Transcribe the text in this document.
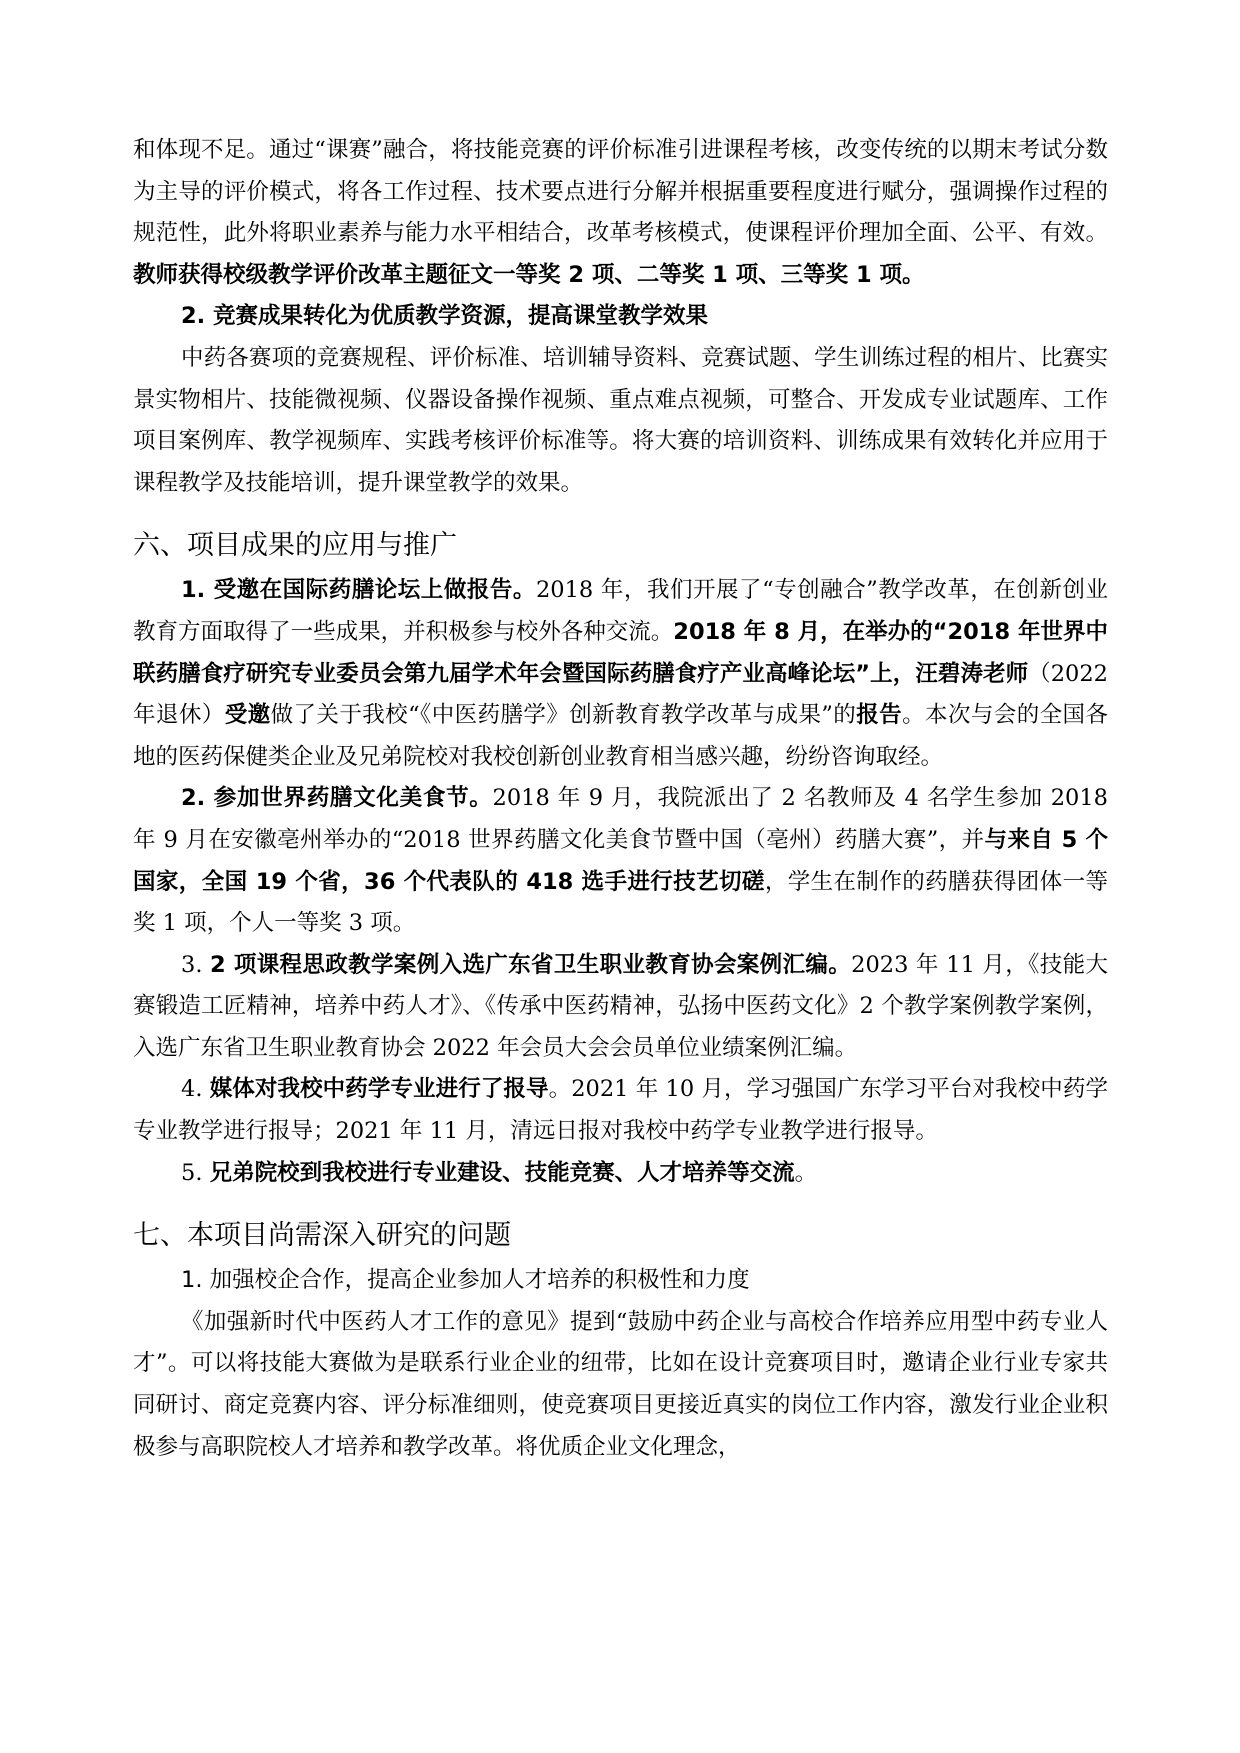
和体现不足。通过“课赛”融合，将技能竞赛的评价标准引进课程考核，改变传统的以期末考试分数为主导的评价模式，将各工作过程、技术要点进行分解并根据重要程度进行赋分，强调操作过程的规范性，此外将职业素养与能力水平相结合，改革考核模式，使课程评价理加全面、公平、有效。教师获得校级教学评价改革主题征文一等奖 2 项、二等奖 1 项、三等奖 1 项。

2. 竞赛成果转化为优质教学资源，提高课堂教学效果

中药各赛项的竞赛规程、评价标准、培训辅导资料、竞赛试题、学生训练过程的相片、比赛实景实物相片、技能微视频、仪器设备操作视频、重点难点视频，可整合、开发成专业试题库、工作项目案例库、教学视频库、实践考核评价标准等。将大赛的培训资料、训练成果有效转化并应用于课程教学及技能培训，提升课堂教学的效果。

六、项目成果的应用与推广

1. 受邀在国际药膳论坛上做报告。2018 年，我们开展了“专创融合”教学改革，在创新创业教育方面取得了一些成果，并积极参与校外各种交流。2018 年 8 月，在举办的“2018 年世界中联药膳食疗研究专业委员会第九届学术年会暨国际药膳食疗产业高峰论坛”上，汪碧涛老师（2022 年退休）受邀做了关于我校“《中医药膳学》创新教育教学改革与成果”的报告。本次与会的全国各地的医药保健类企业及兄弟院校对我校创新创业教育相当感兴趣，纷纷咨询取经。

2. 参加世界药膳文化美食节。2018 年 9 月，我院派出了 2 名教师及 4 名学生参加 2018 年 9 月在安徽亳州举办的“2018 世界药膳文化美食节暨中国（亳州）药膳大赛”，并与来自 5 个国家，全国 19 个省，36 个代表队的 418 选手进行技艺切磋，学生在制作的药膳获得团体一等奖 1 项，个人一等奖 3 项。

3. 2 项课程思政教学案例入选广东省卫生职业教育协会案例汇编。2023 年 11 月，《技能大赛锻造工匠精神，培养中药人才》、《传承中医药精神，弘扬中医药文化》2 个教学案例教学案例，入选广东省卫生职业教育协会 2022 年会员大会会员单位业绩案例汇编。

4. 媒体对我校中药学专业进行了报导。2021 年 10 月，学习强国广东学习平台对我校中药学专业教学进行报导；2021 年 11 月，清远日报对我校中药学专业教学进行报导。

5. 兄弟院校到我校进行专业建设、技能竞赛、人才培养等交流。

七、本项目尚需深入研究的问题

1. 加强校企合作，提高企业参加人才培养的积极性和力度

《加强新时代中医药人才工作的意见》提到“鼓励中药企业与高校合作培养应用型中药专业人才”。可以将技能大赛做为是联系行业企业的纽带，比如在设计竞赛项目时，邀请企业行业专家共同研讨、商定竞赛内容、评分标准细则，使竞赛项目更接近真实的岗位工作内容，激发行业企业积极参与高职院校人才培养和教学改革。将优质企业文化理念，
